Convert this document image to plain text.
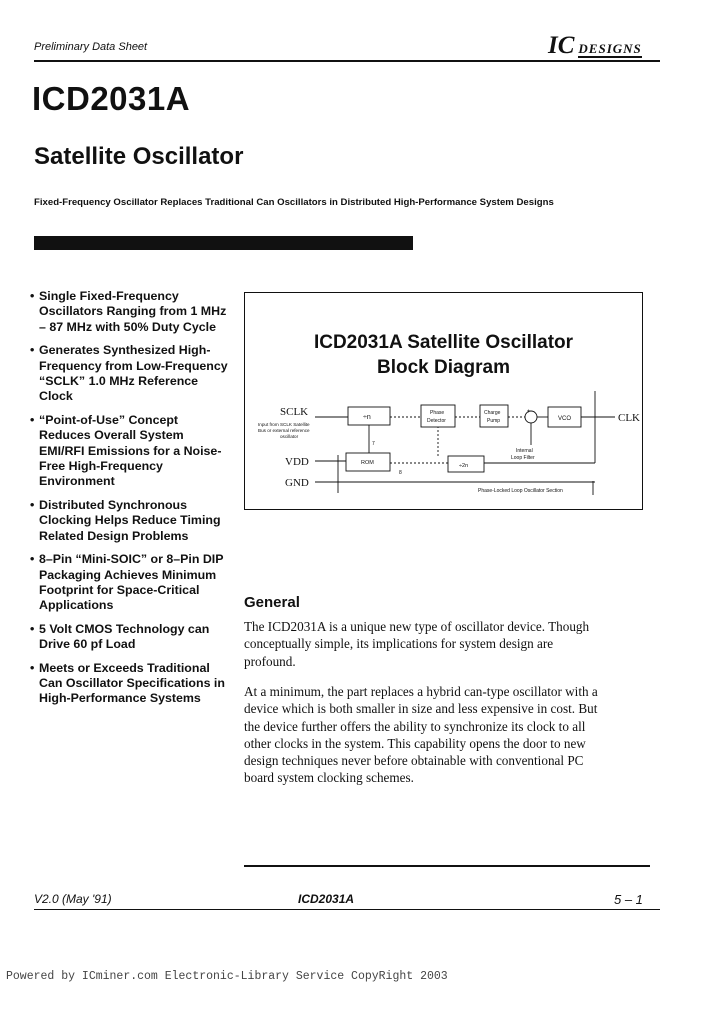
Preliminary Data Sheet	IC DESIGNS
ICD2031A
Satellite Oscillator
Fixed-Frequency Oscillator Replaces Traditional Can Oscillators in Distributed High-Performance System Designs
• Single Fixed-Frequency Oscillators Ranging from 1 MHz – 87 MHz with 50% Duty Cycle
• Generates Synthesized High-Frequency from Low-Frequency “SCLK” 1.0 MHz Reference Clock
• “Point-of-Use” Concept Reduces Overall System EMI/RFI Emissions for a Noise-Free High-Frequency Environment
• Distributed Synchronous Clocking Helps Reduce Timing Related Design Problems
• 8–Pin “Mini-SOIC” or 8–Pin DIP Packaging Achieves Minimum Footprint for Space-Critical Applications
• 5 Volt CMOS Technology can Drive 60 pf Load
• Meets or Exceeds Traditional Can Oscillator Specifications in High-Performance Systems
ICD2031A Satellite Oscillator
Block Diagram
SCLK
VDD
GND
CLK
Input from SCLK Satellite
Bus or external reference
oscillator
÷n
Phase
Detector
Charge
Pump
+
VCO
ROM	÷2n
Internal
Loop Filter
7
8
Phase-Locked Loop Oscillator Section
General
The ICD2031A is a unique new type of oscillator device. Though
conceptually simple, its implications for system design are
profound.
At a minimum, the part replaces a hybrid can-type oscillator with a
device which is both smaller in size and less expensive in cost. But
the device further offers the ability to synchronize its clock to all
other clocks in the system. This capability opens the door to new
design techniques never before obtainable with conventional PC
board system clocking schemes.
V2.0 (May '91)	ICD2031A	5 – 1
Powered by ICminer.com Electronic-Library Service CopyRight 2003
